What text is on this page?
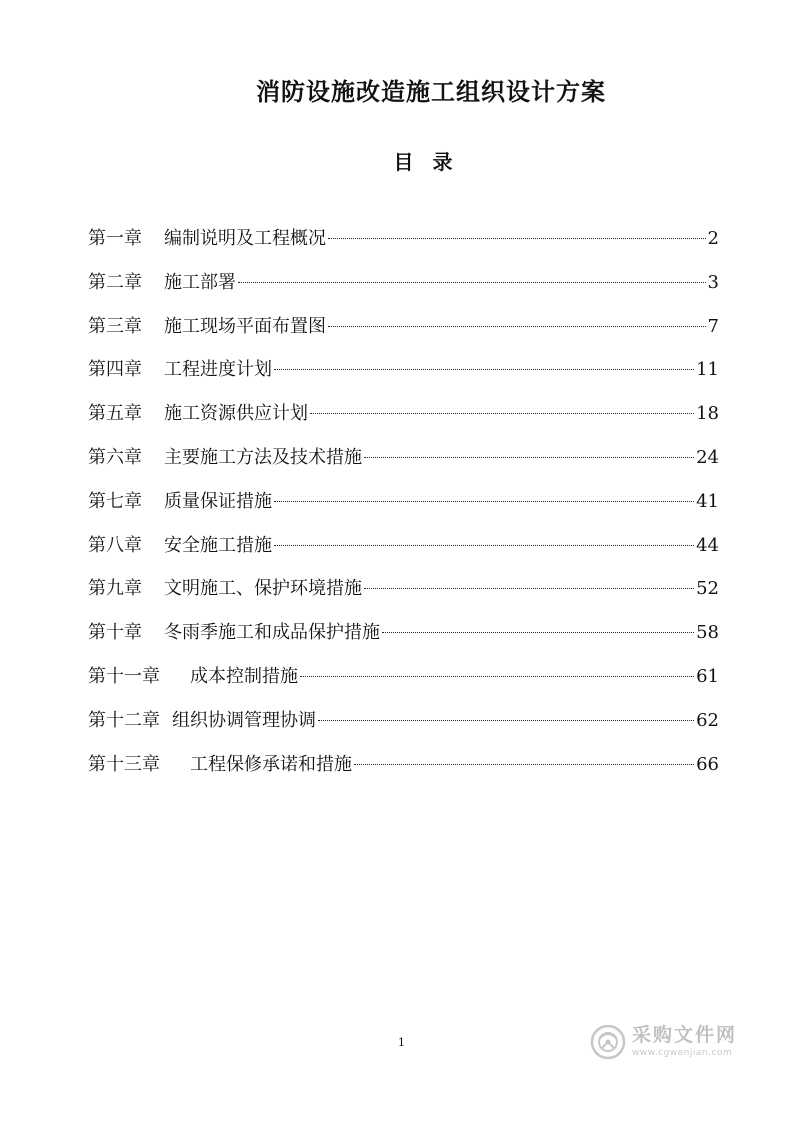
消防设施改造施工组织设计方案
目 录
第一章 编制说明及工程概况	2
第二章 施工部署	3
第三章 施工现场平面布置图	7
第四章 工程进度计划	11
第五章 施工资源供应计划	18
第六章 主要施工方法及技术措施	24
第七章 质量保证措施	41
第八章 安全施工措施	44
第九章 文明施工、保护环境措施	52
第十章 冬雨季施工和成品保护措施	58
第十一章 成本控制措施	61
第十二章 组织协调管理协调	62
第十三章 工程保修承诺和措施	66
1	采购文件网
www.cgwenjian.com
